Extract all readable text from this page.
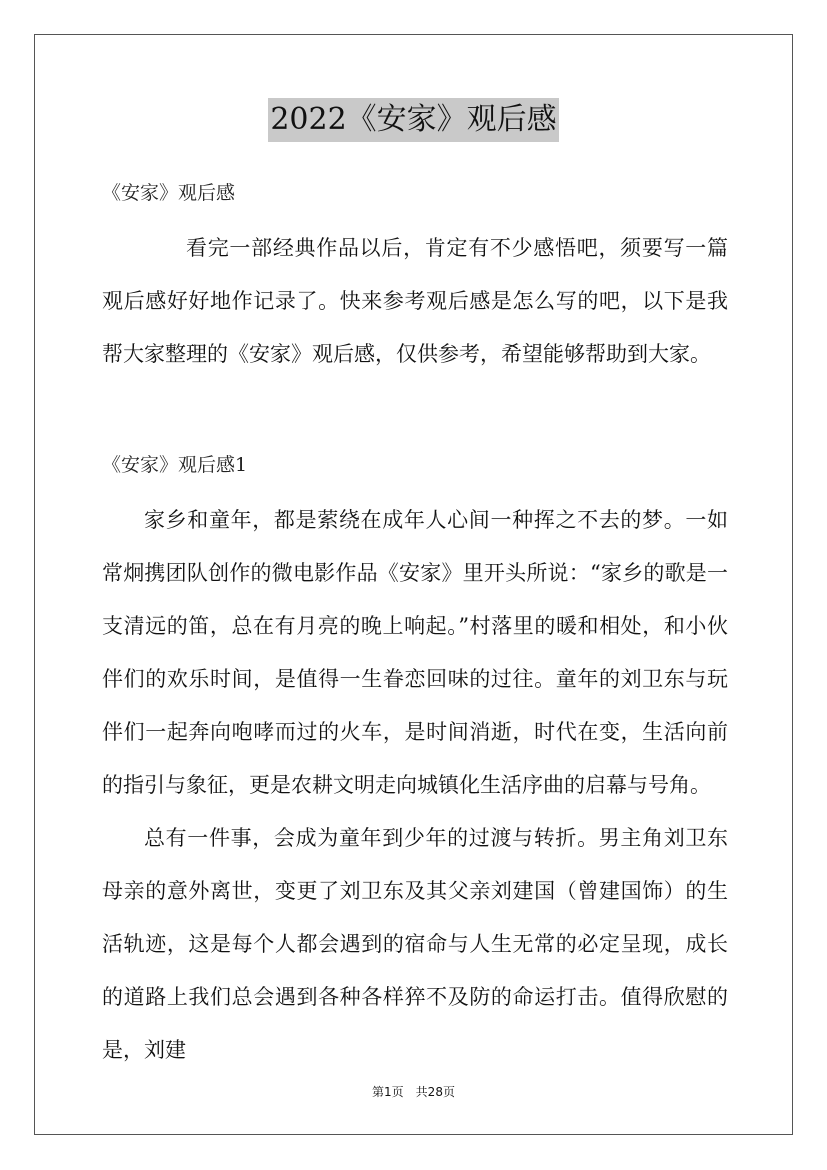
2022《安家》观后感
《安家》观后感

看完一部经典作品以后，肯定有不少感悟吧，须要写一篇观后感好好地作记录了。快来参考观后感是怎么写的吧，以下是我帮大家整理的《安家》观后感，仅供参考，希望能够帮助到大家。

《安家》观后感1

家乡和童年，都是萦绕在成年人心间一种挥之不去的梦。一如常炯携团队创作的微电影作品《安家》里开头所说：“家乡的歌是一支清远的笛，总在有月亮的晚上响起。”村落里的暖和相处，和小伙伴们的欢乐时间，是值得一生眷恋回味的过往。童年的刘卫东与玩伴们一起奔向咆哮而过的火车，是时间消逝，时代在变，生活向前的指引与象征，更是农耕文明走向城镇化生活序曲的启幕与号角。

总有一件事，会成为童年到少年的过渡与转折。男主角刘卫东母亲的意外离世，变更了刘卫东及其父亲刘建国（曾建国饰）的生活轨迹，这是每个人都会遇到的宿命与人生无常的必定呈现，成长的道路上我们总会遇到各种各样猝不及防的命运打击。值得欣慰的是，刘建

第1页　共28页
